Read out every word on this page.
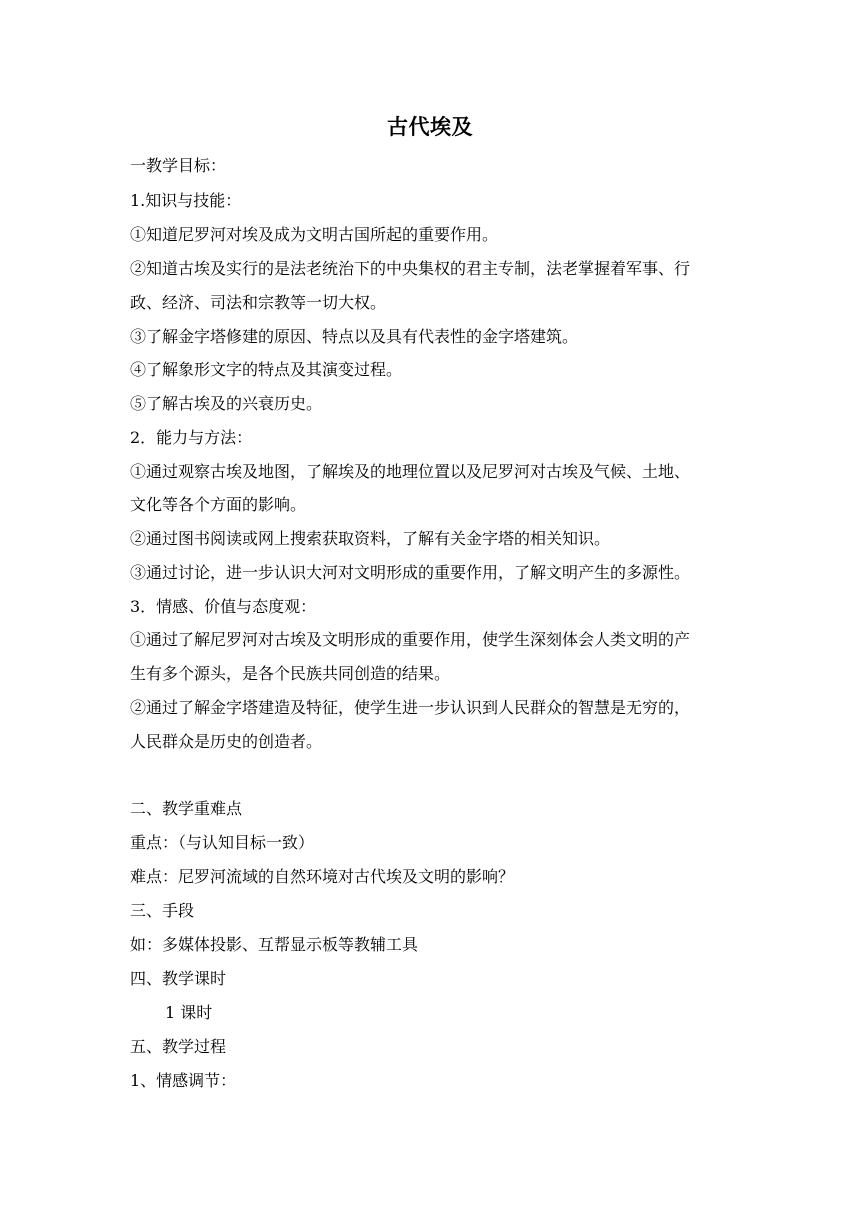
古代埃及
一教学目标：
1.知识与技能：
①知道尼罗河对埃及成为文明古国所起的重要作用。
②知道古埃及实行的是法老统治下的中央集权的君主专制，法老掌握着军事、行
政、经济、司法和宗教等一切大权。
③了解金字塔修建的原因、特点以及具有代表性的金字塔建筑。
④了解象形文字的特点及其演变过程。
⑤了解古埃及的兴衰历史。
2．能力与方法：
①通过观察古埃及地图，了解埃及的地理位置以及尼罗河对古埃及气候、土地、
文化等各个方面的影响。
②通过图书阅读或网上搜索获取资料，了解有关金字塔的相关知识。
③通过讨论，进一步认识大河对文明形成的重要作用，了解文明产生的多源性。
3．情感、价值与态度观：
①通过了解尼罗河对古埃及文明形成的重要作用，使学生深刻体会人类文明的产
生有多个源头，是各个民族共同创造的结果。
②通过了解金字塔建造及特征，使学生进一步认识到人民群众的智慧是无穷的，
人民群众是历史的创造者。
二、教学重难点
重点：（与认知目标一致）
难点：尼罗河流域的自然环境对古代埃及文明的影响？
三、手段
如：多媒体投影、互帮显示板等教辅工具
四、教学课时
1 课时
五、教学过程
1、情感调节：
